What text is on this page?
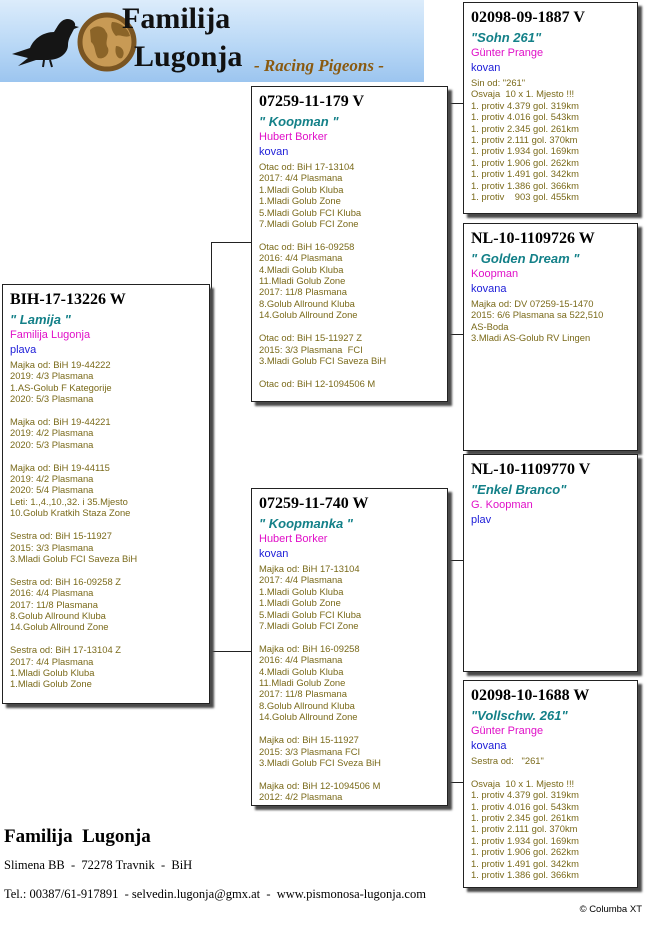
Familija
Lugonja - Racing Pigeons -
BIH-17-13226 W
" Lamija "
Familija Lugonja
plava
Majka od: BiH 19-44222
2019: 4/3 Plasmana
1.AS-Golub F Kategorije
2020: 5/3 Plasmana

Majka od: BiH 19-44221
2019: 4/2 Plasmana
2020: 5/3 Plasmana

Majka od: BiH 19-44115
2019: 4/2 Plasmana
2020: 5/4 Plasmana
Leti: 1.,4.,10.,32. i 35.Mjesto
10.Golub Kratkih Staza Zone

Sestra od: BiH 15-11927
2015: 3/3 Plasmana
3.Mladi Golub FCI Saveza BiH

Sestra od: BiH 16-09258 Z
2016: 4/4 Plasmana
2017: 11/8 Plasmana
8.Golub Allround Kluba
14.Golub Allround Zone

Sestra od: BiH 17-13104 Z
2017: 4/4 Plasmana
1.Mladi Golub Kluba
1.Mladi Golub Zone
07259-11-179 V
" Koopman "
Hubert Borker
kovan
Otac od: BiH 17-13104
2017: 4/4 Plasmana
1.Mladi Golub Kluba
1.Mladi Golub Zone
5.Mladi Golub FCI Kluba
7.Mladi Golub FCI Zone

Otac od: BiH 16-09258
2016: 4/4 Plasmana
4.Mladi Golub Kluba
11.Mladi Golub Zone
2017: 11/8 Plasmana
8.Golub Allround Kluba
14.Golub Allround Zone

Otac od: BiH 15-11927 Z
2015: 3/3 Plasmana  FCI
3.Mladi Golub FCI Saveza BiH

Otac od: BiH 12-1094506 M
07259-11-740 W
" Koopmanka "
Hubert Borker
kovan
Majka od: BiH 17-13104
2017: 4/4 Plasmana
1.Mladi Golub Kluba
1.Mladi Golub Zone
5.Mladi Golub FCI Kluba
7.Mladi Golub FCI Zone

Majka od: BiH 16-09258
2016: 4/4 Plasmana
4.Mladi Golub Kluba
11.Mladi Golub Zone
2017: 11/8 Plasmana
8.Golub Allround Kluba
14.Golub Allround Zone

Majka od: BiH 15-11927
2015: 3/3 Plasmana FCI
3.Mladi Golub FCI Sveza BiH

Majka od: BiH 12-1094506 M
2012: 4/2 Plasmana
02098-09-1887 V
"Sohn 261"
Günter Prange
kovan
Sin od: "261"
Osvaja  10 x 1. Mjesto !!!
1. protiv 4.379 gol. 319km
1. protiv 4.016 gol. 543km
1. protiv 2.345 gol. 261km
1. protiv 2.111 gol. 370km
1. protiv 1.934 gol. 169km
1. protiv 1.906 gol. 262km
1. protiv 1.491 gol. 342km
1. protiv 1.386 gol. 366km
1. protiv    903 gol. 455km
NL-10-1109726 W
" Golden Dream "
Koopman
kovana
Majka od: DV 07259-15-1470
2015: 6/6 Plasmana sa 522,510
AS-Boda
3.Mladi AS-Golub RV Lingen
NL-10-1109770 V
"Enkel Branco"
G. Koopman
plav
02098-10-1688 W
"Vollschw. 261"
Günter Prange
kovana
Sestra od:   "261"

Osvaja  10 x 1. Mjesto !!!
1. protiv 4.379 gol. 319km
1. protiv 4.016 gol. 543km
1. protiv 2.345 gol. 261km
1. protiv 2.111 gol. 370km
1. protiv 1.934 gol. 169km
1. protiv 1.906 gol. 262km
1. protiv 1.491 gol. 342km
1. protiv 1.386 gol. 366km
Familija  Lugonja
Slimena BB  -  72278 Travnik  -  BiH
Tel.: 00387/61-917891  - selvedin.lugonja@gmx.at  -  www.pismonosa-lugonja.com
© Columba XT
